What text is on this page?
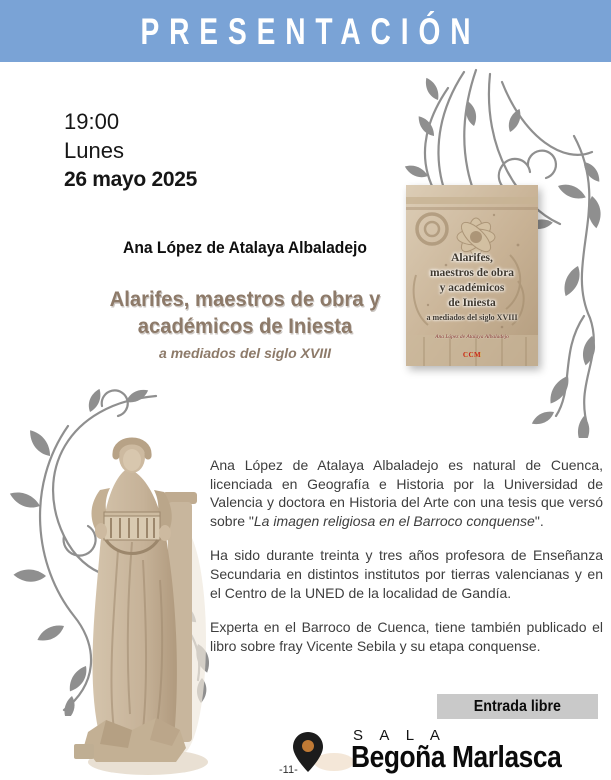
PRESENTACIÓN
19:00
Lunes
26 mayo 2025
Ana López de Atalaya Albaladejo
Alarifes, maestros de obra y
académicos de Iniesta
a mediados del siglo XVIII
Alarifes,
maestros de obra
y académicos
de Iniesta
a mediados del siglo XVIII
Ana López de Atalaya Albaladejo
CCM

Ana López de Atalaya Albaladejo es natural de Cuenca, licenciada en Geografía e Historia por la Universidad de Valencia y doctora en Historia del Arte con una tesis que versó sobre "La imagen religiosa en el Barroco conquense".

Ha sido durante treinta y tres años profesora de Enseñanza Secundaria en distintos institutos por tierras valencianas y en el Centro de la UNED de la localidad de Gandía.

Experta en el Barroco de Cuenca, tiene también publicado el libro sobre fray Vicente Sebila y su etapa conquense.

Entrada libre
S A L A
Begoña Marlasca
-11-
